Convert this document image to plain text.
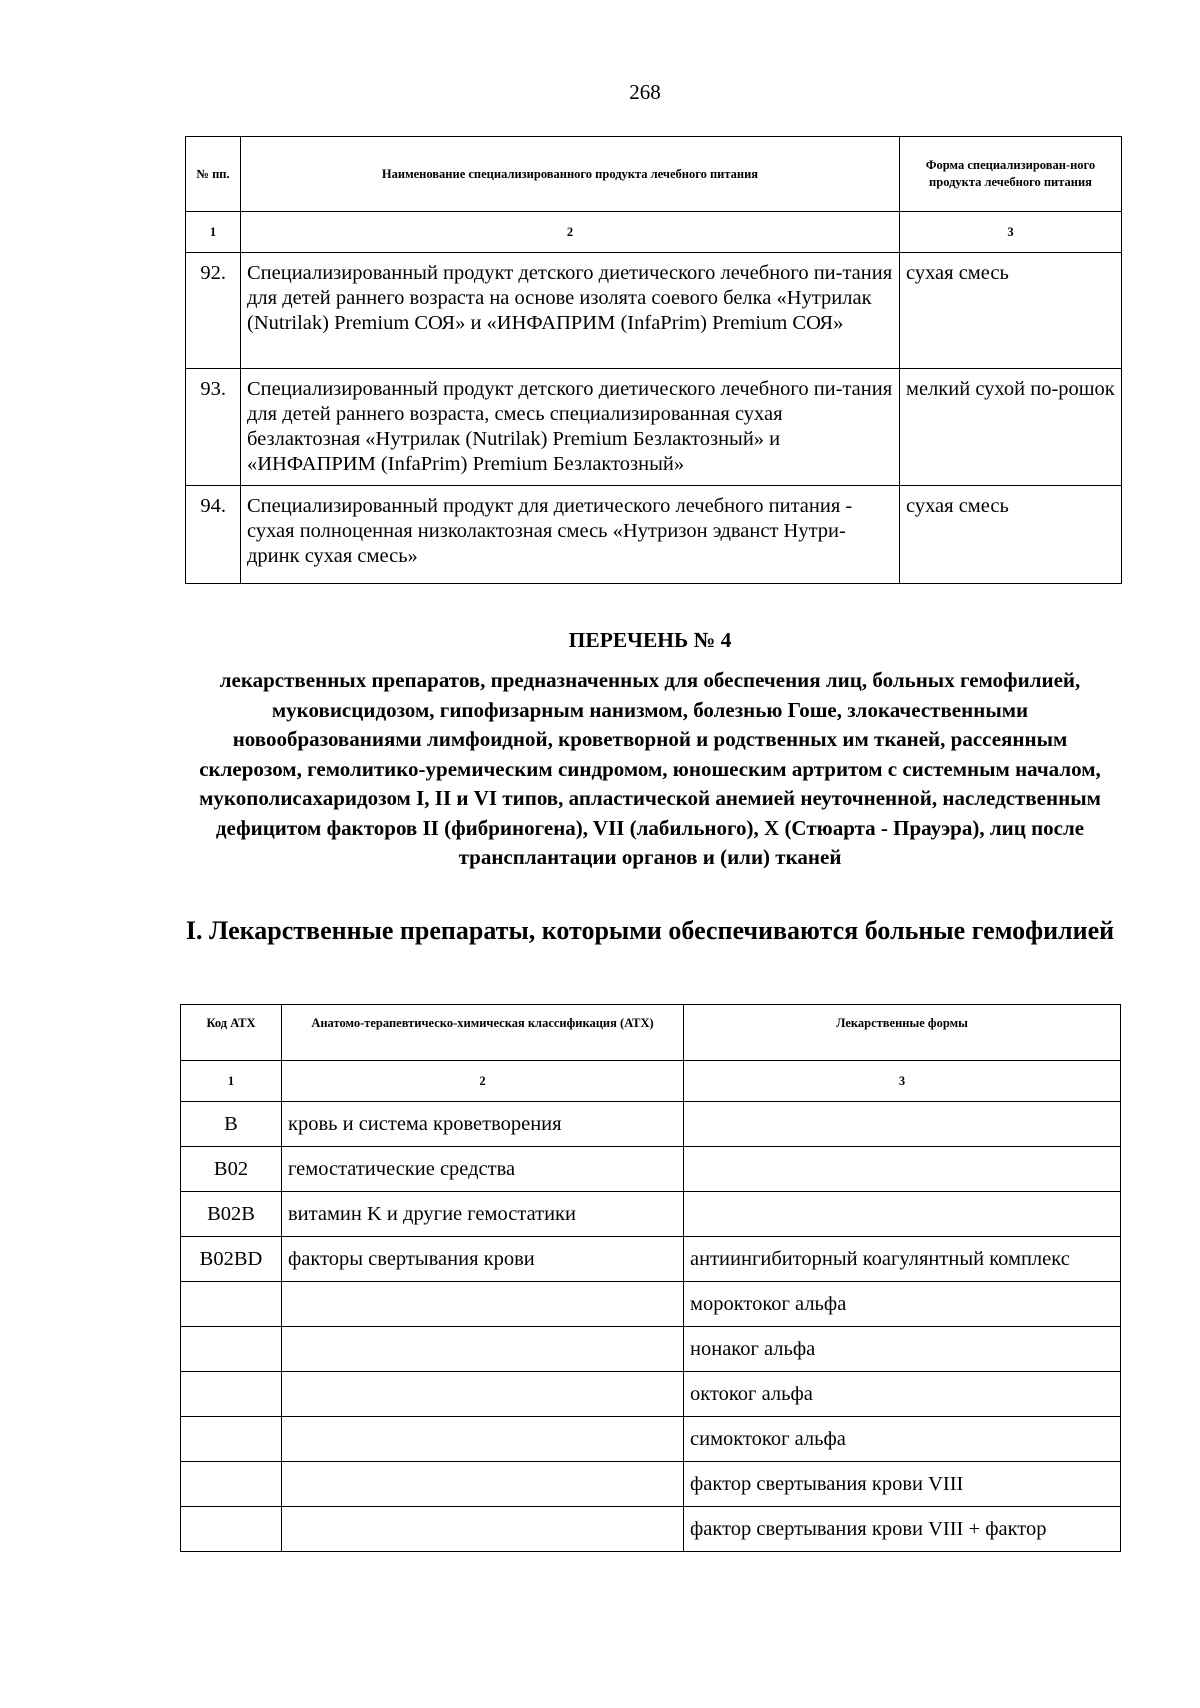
268
№ пп.	Наименование специализированного продукта лечебного питания	Форма специализирован-ного продукта лечебного питания
1	2	3
92.	Специализированный продукт детского диетического лечебного пи-тания для детей раннего возраста на основе изолята соевого белка «Нутрилак (Nutrilak) Premium СОЯ» и «ИНФАПРИМ (InfaPrim) Premium СОЯ»	сухая смесь
93.	Специализированный продукт детского диетического лечебного пи-тания для детей раннего возраста, смесь специализированная сухая безлактозная «Нутрилак (Nutrilak) Premium Безлактозный» и «ИНФАПРИМ (InfaPrim) Premium Безлактозный»	мелкий сухой по-рошок
94.	Специализированный продукт для диетического лечебного питания - сухая полноценная низколактозная смесь «Нутризон эдванст Нутри-дринк сухая смесь»	сухая смесь
ПЕРЕЧЕНЬ № 4
лекарственных препаратов, предназначенных для обеспечения лиц, больных гемофилией, муковисцидозом, гипофизарным нанизмом, болезнью Гоше, злокачественными новообразованиями лимфоидной, кроветворной и родственных им тканей, рассеянным склерозом, гемолитико-уремическим синдромом, юношеским артритом с системным началом, мукополисахаридозом I, II и VI типов, апластической анемией неуточненной, наследственным дефицитом факторов II (фибриногена), VII (лабильного), X (Стюарта - Прауэра), лиц после трансплантации органов и (или) тканей
I. Лекарственные препараты, которыми обеспечиваются больные гемофилией
Код АТХ	Анатомо-терапевтическо-химическая классификация (АТХ)	Лекарственные формы
1	2	3
B	кровь и система кроветворения	
B02	гемостатические средства	
B02B	витамин K и другие гемостатики	
B02BD	факторы свертывания крови	антиингибиторный коагулянтный комплекс
		мороктоког альфа
		нонаког альфа
		октоког альфа
		симоктоког альфа
		фактор свертывания крови VIII
		фактор свертывания крови VIII + фактор
